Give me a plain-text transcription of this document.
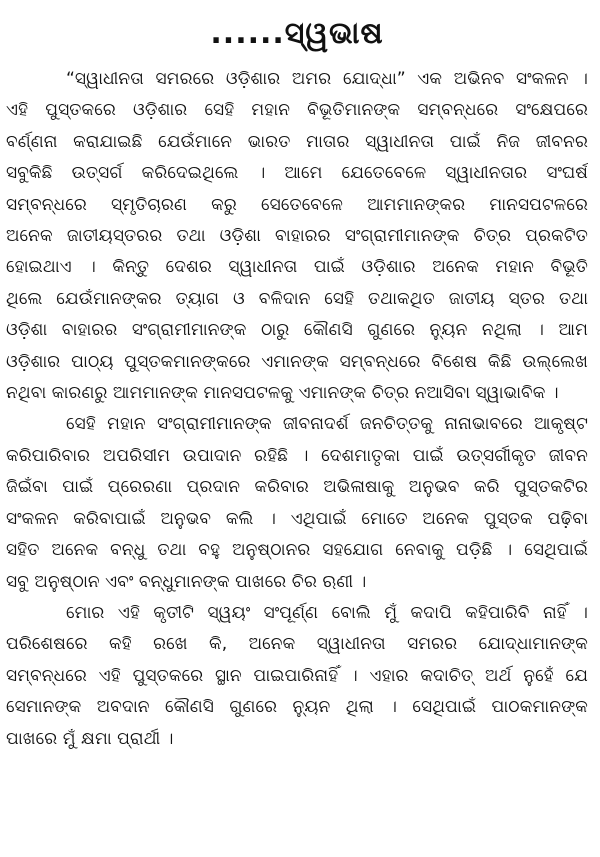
......ସ୍ୱଭାଷ
“ସ୍ୱାଧୀନତା ସମରରେ ଓଡ଼ିଶାର ଅମର ଯୋଦ୍ଧା” ଏକ ଅଭିନବ ସଂକଳନ ।
ଏହି ପୁସ୍ତକରେ ଓଡ଼ିଶାର ସେହି ମହାନ ବିଭୂତିମାନଙ୍କ ସମ୍ବନ୍ଧରେ ସଂକ୍ଷେପରେ
ବର୍ଣ୍ଣନା କରାଯାଇଛି ଯେଉଁମାନେ ଭାରତ ମାତାର ସ୍ୱାଧୀନତା ପାଇଁ ନିଜ ଜୀବନର
ସବୁକିଛି ଉତ୍ସର୍ଗ କରିଦେଇଥିଲେ । ଆମେ ଯେତେବେଳେ ସ୍ୱାଧୀନତାର ସଂଘର୍ଷ
ସମ୍ବନ୍ଧରେ ସ୍ମୃତିଚାରଣ କରୁ ସେତେବେଳେ ଆମମାନଙ୍କର ମାନସପଟଳରେ
ଅନେକ ଜାତୀୟସ୍ତରର ତଥା ଓଡ଼ିଶା ବାହାରର ସଂଗ୍ରାମୀମାନଙ୍କ ଚିତ୍ର ପ୍ରକଟିତ
ହୋଇଥାଏ । କିନ୍ତୁ ଦେଶର ସ୍ୱାଧୀନତା ପାଇଁ ଓଡ଼ିଶାର ଅନେକ ମହାନ ବିଭୂତି
ଥିଲେ ଯେଉଁମାନଙ୍କର ତ୍ୟାଗ ଓ ବଳିଦାନ ସେହି ତଥାକଥିତ ଜାତୀୟ ସ୍ତର ତଥା
ଓଡ଼ିଶା ବାହାରର ସଂଗ୍ରାମୀମାନଙ୍କ ଠାରୁ କୌଣସି ଗୁଣରେ ନ୍ୟୁନ ନଥିଲା । ଆମ
ଓଡ଼ିଶାର ପାଠ୍ୟ ପୁସ୍ତକମାନଙ୍କରେ ଏମାନଙ୍କ ସମ୍ବନ୍ଧରେ ବିଶେଷ କିଛି ଉଲ୍ଲେଖ
ନଥିବା କାରଣରୁ ଆମମାନଙ୍କ ମାନସପଟଳକୁ ଏମାନଙ୍କ ଚିତ୍ର ନଆସିବା ସ୍ୱାଭାବିକ ।
ସେହି ମହାନ ସଂଗ୍ରାମୀମାନଙ୍କ ଜୀବନାଦର୍ଶ ଜନଚିତ୍ତକୁ ନାନାଭାବରେ ଆକୃଷ୍ଟ
କରିପାରିବାର ଅପରିସୀମ ଉପାଦାନ ରହିଛି । ଦେଶମାତୃକା ପାଇଁ ଉତ୍ସର୍ଗୀକୃତ ଜୀବନ
ଜିଇଁବା ପାଇଁ ପ୍ରେରଣା ପ୍ରଦାନ କରିବାର ଅଭିଳାଷାକୁ ଅନୁଭବ କରି ପୁସ୍ତକଟିର
ସଂକଳନ କରିବାପାଇଁ ଅନୁଭବ କଲି । ଏଥିପାଇଁ ମୋତେ ଅନେକ ପୁସ୍ତକ ପଢ଼ିବା
ସହିତ ଅନେକ ବନ୍ଧୁ ତଥା ବହୁ ଅନୁଷ୍ଠାନର ସହଯୋଗ ନେବାକୁ ପଡ଼ିଛି । ସେଥିପାଇଁ
ସବୁ ଅନୁଷ୍ଠାନ ଏବଂ ବନ୍ଧୁମାନଙ୍କ ପାଖରେ ଚିର ଋଣୀ ।
ମୋର ଏହି କୃତୀଟି ସ୍ୱୟଂ ସଂପୂର୍ଣ୍ଣ ବୋଲି ମୁଁ କଦାପି କହିପାରିବି ନାହିଁ ।
ପରିଶେଷରେ କହି ରଖେ କି, ଅନେକ ସ୍ୱାଧୀନତା ସମରର ଯୋଦ୍ଧାମାନଙ୍କ
ସମ୍ବନ୍ଧରେ ଏହି ପୁସ୍ତକରେ ସ୍ଥାନ ପାଇପାରିନାହିଁ । ଏହାର କଦାଚିତ୍ ଅର୍ଥ ନୁହେଁ ଯେ
ସେମାନଙ୍କ ଅବଦାନ କୌଣସି ଗୁଣରେ ନ୍ୟୁନ ଥିଲା । ସେଥିପାଇଁ ପାଠକମାନଙ୍କ
ପାଖରେ ମୁଁ କ୍ଷମା ପ୍ରାର୍ଥୀ ।
